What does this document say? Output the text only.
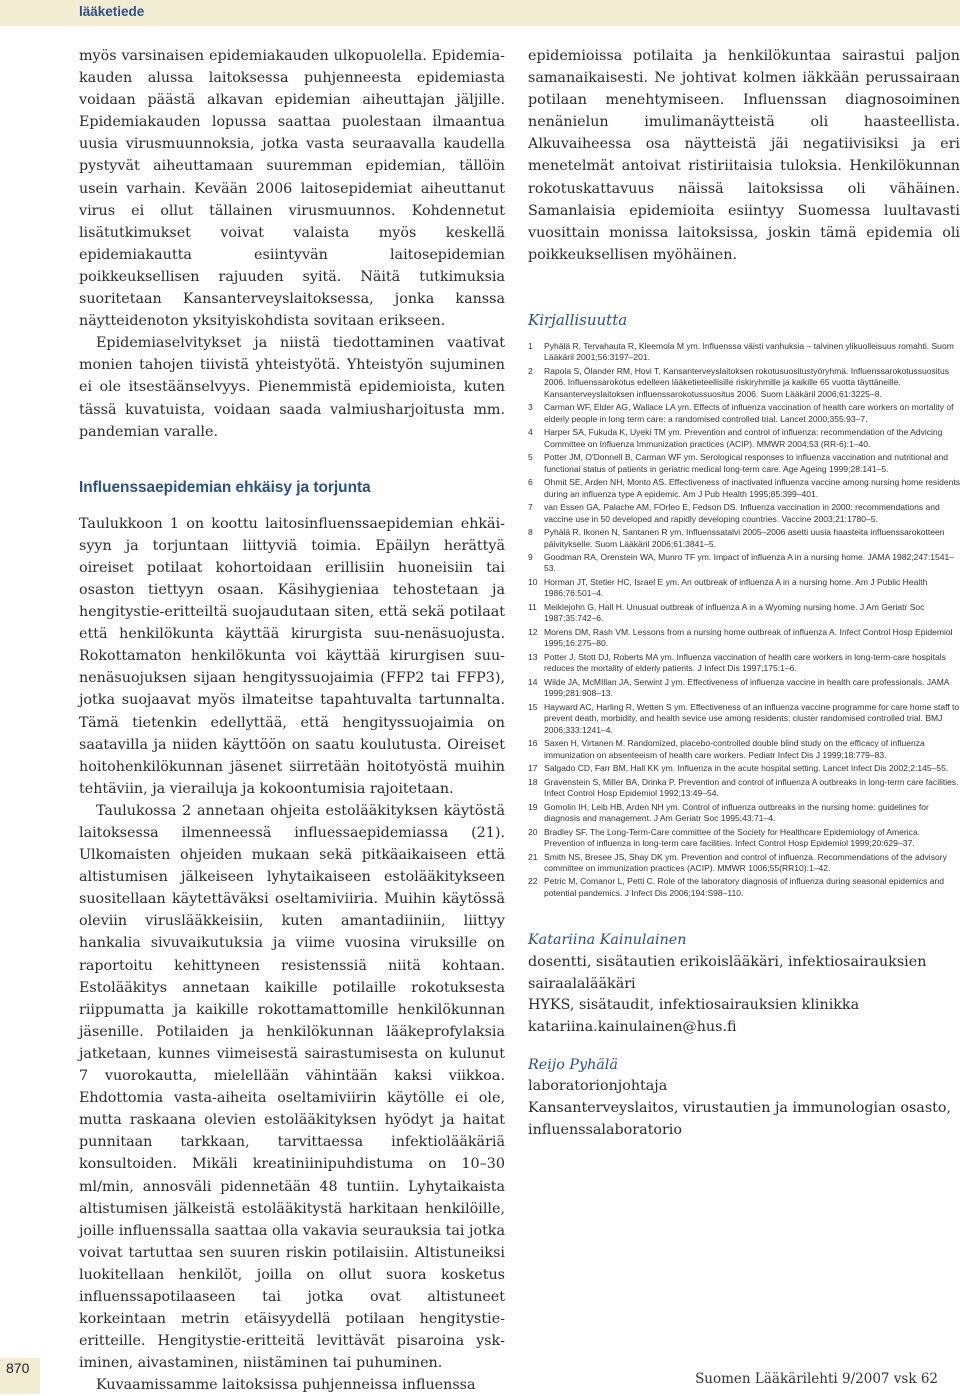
lääketiede

myös varsinaisen epidemiakauden ulkopuolella. Epidemiakauden alussa laitoksessa puhjenneesta epidemiasta voidaan päästä alkavan epidemian aiheuttajan jäljille. Epidemiakauden lopussa saattaa puolestaan ilmaantua uusia virusmuunnoksia, jotka vasta seuraavalla kaudella pystyvät aiheuttamaan suuremman epidemian, tällöin usein varhain. Kevään 2006 laitosepidemiat aiheuttanut virus ei ollut tällainen virusmuunnos. Kohdennetut lisätutkimukset voivat valaista myös keskellä epidemiakautta esiintyvän laitosepidemian poikkeuksellisen rajuuden syitä. Näitä tutkimuksia suoritetaan Kansanterveyslaitoksessa, jonka kanssa näytteidenoton yksityiskohdista sovitaan erikseen.

Epidemiaselvitykset ja niistä tiedottaminen vaativat monien tahojen tiivistä yhteistyötä. Yhteistyön sujuminen ei ole itsestäänselvyys. Pienemmistä epidemioista, kuten tässä kuvatuista, voidaan saada valmiusharjoitusta mm. pandemian varalle.

Influenssaepidemian ehkäisy ja torjunta

Taulukkoon 1 on koottu laitosinfluenssaepidemian ehkäisyyn ja torjuntaan liittyviä toimia. Epäilyn herättyä oireiset potilaat kohortoidaan erillisiin huoneisiin tai osaston tiettyyn osaan. Käsihygieniaa tehostetaan ja hengitystie-eritteiltä suojaudutaan siten, että sekä potilaat että henkilökunta käyttää kirurgista suu-nenäsuojusta. Rokottamaton henkilökunta voi käyttää kirurgisen suu-nenäsuojuksen sijaan hengityssuojaimia (FFP2 tai FFP3), jotka suojaavat myös ilmateitse tapahtuvalta tartunnalta. Tämä tietenkin edellyttää, että hengityssuojaimia on saatavilla ja niiden käyttöön on saatu koulutusta. Oireiset hoitohenkilökunnan jäsenet siirretään hoitotyöstä muihin tehtäviin, ja vierailuja ja kokoontumisia rajoitetaan.

Taulukossa 2 annetaan ohjeita estolääkityksen käytöstä laitoksessa ilmenneessä influessaepidemiassa (21). Ulkomaisten ohjeiden mukaan sekä pitkäaikaiseen että altistumisen jälkeiseen lyhytaikaiseen estolääkitykseen suositellaan käytettäväksi oseltamiviiria. Muihin käytössä oleviin viruslääkkeisiin, kuten amantadiiniin, liittyy hankalia sivuvaikutuksia ja viime vuosina viruksille on raportoitu kehittyneen resistenssiä niitä kohtaan. Estolääkitys annetaan kaikille potilaille rokotuksesta riippumatta ja kaikille rokottamattomille henkilökunnan jäsenille. Potilaiden ja henkilökunnan lääkeprofylaksia jatketaan, kunnes viimeisestä sairastumisesta on kulunut 7 vuorokautta, mielellään vähintään kaksi viikkoa. Ehdottomia vasta-aiheita oseltamiviirin käytölle ei ole, mutta raskaana olevien estolääkityksen hyödyt ja haitat punnitaan tarkkaan, tarvittaessa infektiolääkäriä konsultoiden. Mikäli kreatiniinipuhdistuma on 10–30 ml/min, annosväli pidennetään 48 tuntiin. Lyhytaikaista altistumisen jälkeistä estolääkitystä harkitaan henkilöille, joille influenssalla saattaa olla vakavia seurauksia tai jotka voivat tartuttaa sen suuren riskin potilaisiin. Altistuneiksi luokitellaan henkilöt, joilla on ollut suora kosketus influenssapotilaaseen tai jotka ovat altistuneet korkeintaan metrin etäisyydellä potilaan hengitystie-eritteille. Hengitystie-eritteitä levittävät pisaroina yskiminen, aivastaminen, niistäminen tai puhuminen.

Kuvaamissamme laitoksissa puhjenneissa influenssa

epidemioissa potilaita ja henkilökuntaa sairastui paljon samanaikaisesti. Ne johtivat kolmen iäkkään perussairaan potilaan menehtymiseen. Influenssan diagnosoiminen nenänielun imulimanäytteistä oli haasteellista. Alkuvaiheessa osa näytteistä jäi negatiivisiksi ja eri menetelmät antoivat ristiriitaisia tuloksia. Henkilökunnan rokotuskattavuus näissä laitoksissa oli vähäinen. Samanlaisia epidemioita esiintyy Suomessa luultavasti vuosittain monissa laitoksissa, joskin tämä epidemia oli poikkeuksellisen myöhäinen.

Kirjallisuutta
1 Pyhälä R, Tervahauta R, Kleemola M ym. Influenssa väisti vanhuksia – talvinen ylikuolleisuus romahti. Suom Lääkäril 2001;56:3197–201.
2 Rapola S, Ölander RM, Hovi T, Kansanterveyslaitoksen rokotusuositustyöryhmä. Influenssarokotussuositus 2006. Influenssarokotus edelleen lääketieteellisille riskiryhmille ja kaikille 65 vuotta täyttäneille. Kansanterveyslaitoksen influenssarokotussuositus 2006. Suom Lääkäril 2006;61:3225–8.
3 Carman WF, Elder AG, Wallace LA ym. Effects of influenza vaccination of health care workers on mortality of elderly people in long term care: a randomised controlled trial. Lancet 2000;355:93–7.
4 Harper SA, Fukuda K, Uyeki TM ym. Prevention and control of influenza: recommendation of the Advicing Committee on Influenza Immunization practices (ACIP). MMWR 2004;53 (RR-6):1–40.
5 Potter JM, O'Donnell B, Carman WF ym. Serological responses to influenza vaccination and nutritional and functional status of patients in geriatric medical long-term care. Age Ageing 1999;28:141–5.
6 Ohmit SE, Arden NH, Monto AS. Effectiveness of inactivated influenza vaccine among nursing home residents during an influenza type A epidemic. Am J Pub Health 1995;85:399–401.
7 van Essen GA, Palache AM, FOrleo E, Fedson DS. Influenza vaccination in 2000: recommendations and vaccine use in 50 developed and rapidly developing countries. Vaccine 2003;21:1780–5.
8 Pyhälä R, Ikonen N, Santanen R ym. Influenssatalvi 2005–2006 asetti uusia haasteita influenssarokotteen päivitykselle. Suom Lääkäril 2006;61:3841–5.
9 Goodman RA, Orenstein WA, Munro TF ym. Impact of influenza A in a nursing home. JAMA 1982;247:1541–53.
10 Horman JT, Stetler HC, Israel E ym. An outbreak of influenza A in a nursing home. Am J Public Health 1986;76:501–4.
11 Meiklejohn G, Hall H. Unusual outbreak of influenza A in a Wyoming nursing home. J Am Geriatr Soc 1987;35:742–6.
12 Morens DM, Rash VM. Lessons from a nursing home outbreak of influenza A. Infect Control Hosp Epidemiol 1995;16:275–80.
13 Potter J, Stott DJ, Roberts MA ym. Influenza vaccination of health care workers in long-term-care hospitals reduces the mortality of elderly patients. J Infect Dis 1997;175:1–6.
14 Wilde JA, McMIllan JA, Serwint J ym. Effectiveness of influenza vaccine in health care professionals. JAMA 1999;281:908–13.
15 Hayward AC, Harling R, Wetten S ym. Effectiveness of an influenza vaccine programme for care home staff to prevent death, morbidity, and health sevice use among residents: cluster randomised controlled trial. BMJ 2006;333:1241–4.
16 Saxen H, Virtanen M. Randomized, placebo-controlled double blind study on the efficacy of influenza immunization on absenteeism of health care workers. Pediatr Infect Dis J 1999;18:779–83.
17 Salgado CD, Farr BM, Hall KK ym. Influenza in the acute hospital setting. Lancet Infect Dis 2002;2:145–55.
18 Gravenstein S, Miller BA, Drinka P. Prevention and control of influenza A outbreaks in long-term care facilities. Infect Control Hosp Epidemiol 1992;13:49–54.
19 Gomolin IH, Leib HB, Arden NH ym. Control of influenza outbreaks in the nursing home: guidelines for diagnosis and management. J Am Geriatr Soc 1995;43:71–4.
20 Bradley SF. The Long-Term-Care committee of the Society for Healthcare Epidemiology of America. Prevention of influenza in long-term care facilities. Infect Control Hosp Epidemiol 1999;20:629–37.
21 Smith NS, Bresee JS, Shay DK ym. Prevention and control of influenza. Recommendations of the advisory committee on immunization practices (ACIP). MMWR 1006;55(RR10):1–42.
22 Petric M, Comanor L, Petti C. Role of the laboratory diagnosis of influenza during seasonal epidemics and potential pandemics. J Infect Dis 2006;194:S98–110.
Katariina Kainulainen
dosentti, sisätautien erikoislääkäri, infektiosairauksien sairaalalääkäri
HYKS, sisätaudit, infektiosairauksien klinikka
katariina.kainulainen@hus.fi
Reijo Pyhälä
laboratorionjohtaja
Kansanterveyslaitos, virustautien ja immunologian osasto, influenssalaboratorio
870
Suomen Lääkärilehti 9/2007 vsk 62
